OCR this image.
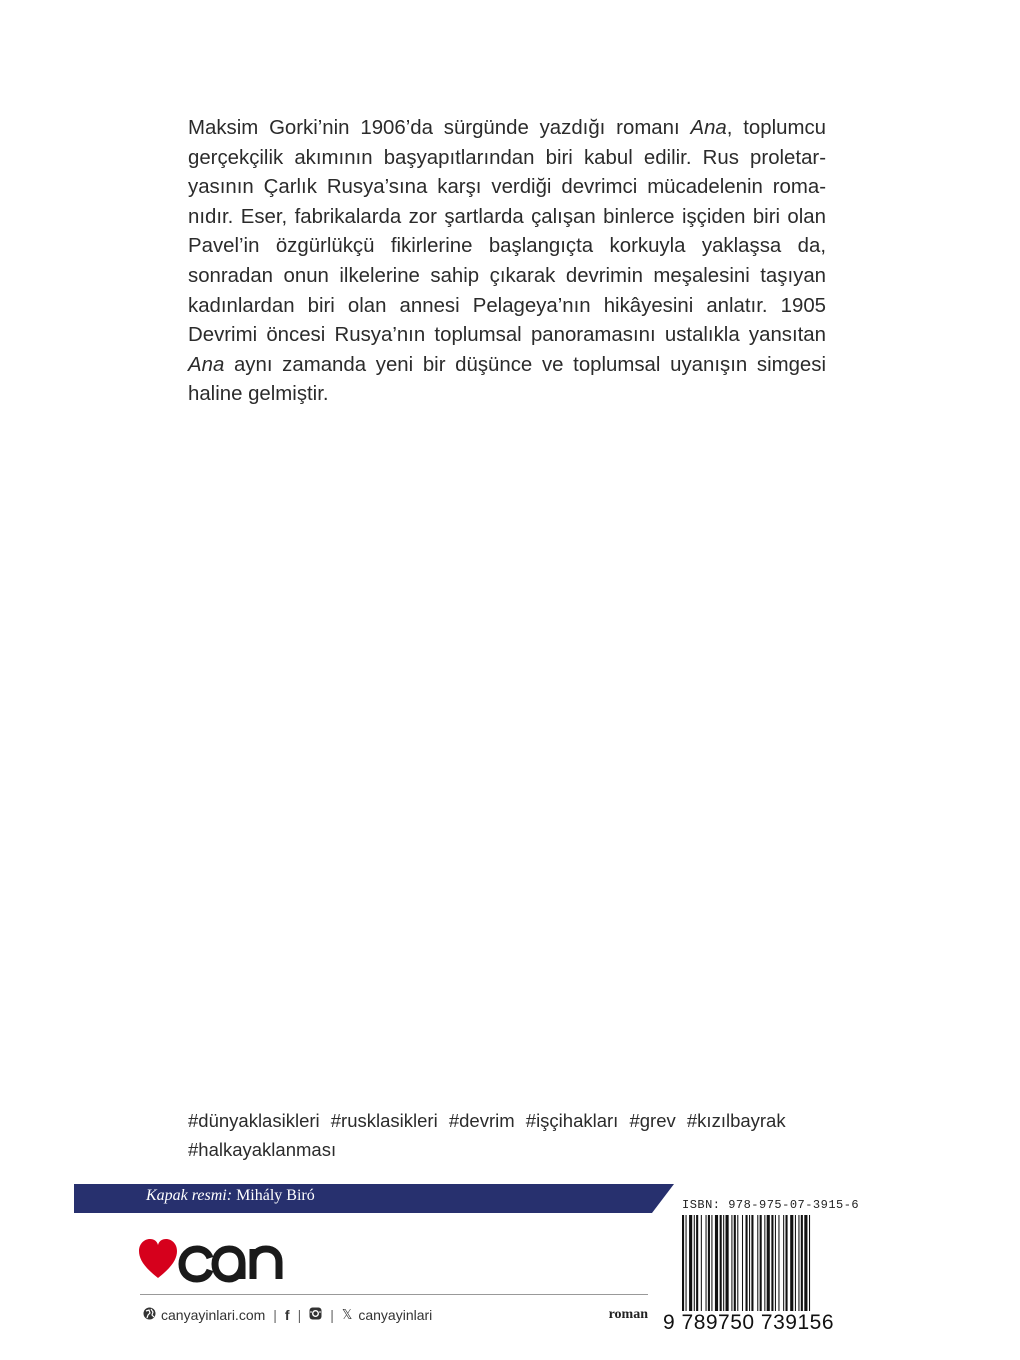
Maksim Gorki’nin 1906’da sürgünde yazdığı romanı Ana, toplumcu gerçekçilik akımının başyapıtlarından biri kabul edilir. Rus proletar-yasının Çarlık Rusya’sına karşı verdiği devrimci mücadelenin roma-nıdır. Eser, fabrikalarda zor şartlarda çalışan binlerce işçiden biri olan Pavel’in özgürlükçü fikirlerine başlangıçta korkuyla yaklaşsa da, sonradan onun ilkelerine sahip çıkarak devrimin meşalesini taşıyan kadınlardan biri olan annesi Pelageya’nın hikâyesini anlatır. 1905 Devrimi öncesi Rusya’nın toplumsal panoramasını ustalıkla yansıtan Ana aynı zamanda yeni bir düşünce ve toplumsal uyanışın simgesi haline gelmiştir.

#dünyaklasikleri #rusklasikleri #devrim #işçihakları #grev #kızılbayrak
#halkayaklanması
Kapak resmi: Mihály Biró
canyayinlari.com | f | | 𝕏 canyayinlari	roman
ISBN: 978-975-07-3915-6
9 789750 739156
